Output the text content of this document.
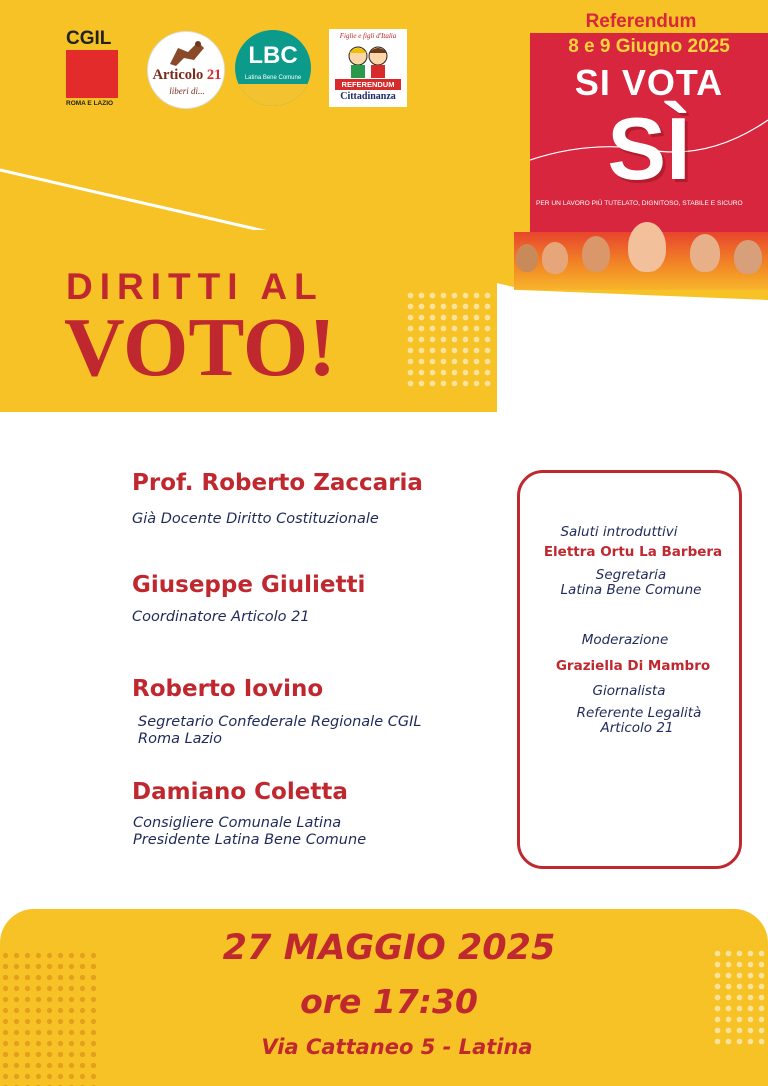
CGIL
ROMA E LAZIO
Articolo 21
liberi di...
LBC
Latina Bene Comune
Figlie e figli d'Italia
REFERENDUM
Cittadinanza
Referendum
8 e 9 Giugno 2025
SI VOTA
SÌ
PER UN LAVORO PIÙ TUTELATO, DIGNITOSO, STABILE E SICURO
DIRITTI AL
VOTO!
Prof. Roberto Zaccaria
Già Docente Diritto Costituzionale
Giuseppe Giulietti
Coordinatore Articolo 21
Roberto Iovino
Segretario Confederale Regionale CGIL
Roma Lazio
Damiano Coletta
Consigliere Comunale Latina
Presidente Latina Bene Comune
Saluti introduttivi
Elettra Ortu La Barbera
Segretaria
Latina Bene Comune
Moderazione
Graziella Di Mambro
Giornalista
Referente Legalità
Articolo 21
27 MAGGIO 2025
ore 17:30
Via Cattaneo 5 - Latina
